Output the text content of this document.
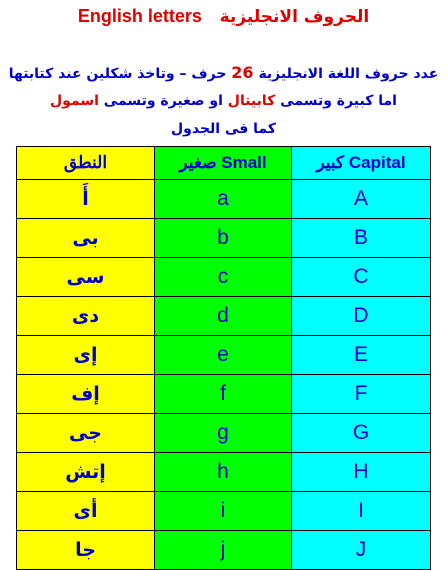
الحروف الانجليزية   English letters
عدد حروف اللغة الانجليزية 26 حرف – وتاخذ شكلين عند كتابتها
اما كبيرة وتسمى كابيتال او صغيرة وتسمى اسمول
كما فى الجدول
النطق	صغير Small	كبير Capital
أَ	a	A
بى	b	B
سى	c	C
دى	d	D
إى	e	E
إف	f	F
جى	g	G
إتش	h	H
أى	i	I
جا	j	J
